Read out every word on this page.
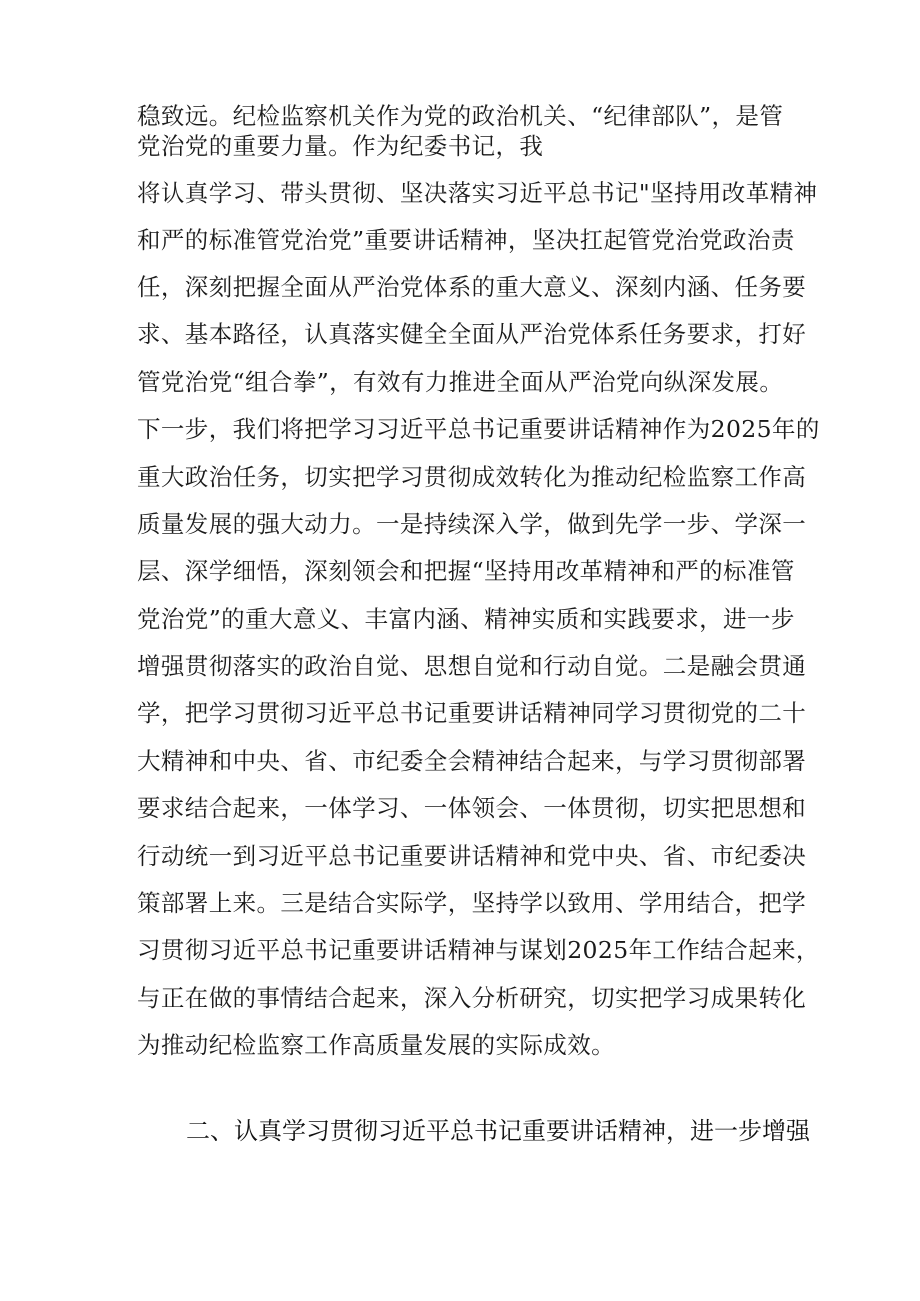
稳致远。纪检监察机关作为党的政治机关、“纪律部队”，是管
党治党的重要力量。作为纪委书记，我
将认真学习、带头贯彻、坚决落实习近平总书记"坚持用改革精神
和严的标准管党治党”重要讲话精神，坚决扛起管党治党政治责
任，深刻把握全面从严治党体系的重大意义、深刻内涵、任务要
求、基本路径，认真落实健全全面从严治党体系任务要求，打好
管党治党“组合拳”，有效有力推进全面从严治党向纵深发展。
下一步，我们将把学习习近平总书记重要讲话精神作为2025年的
重大政治任务，切实把学习贯彻成效转化为推动纪检监察工作高
质量发展的强大动力。一是持续深入学，做到先学一步、学深一
层、深学细悟，深刻领会和把握“坚持用改革精神和严的标准管
党治党”的重大意义、丰富内涵、精神实质和实践要求，进一步
增强贯彻落实的政治自觉、思想自觉和行动自觉。二是融会贯通
学，把学习贯彻习近平总书记重要讲话精神同学习贯彻党的二十
大精神和中央、省、市纪委全会精神结合起来，与学习贯彻部署
要求结合起来，一体学习、一体领会、一体贯彻，切实把思想和
行动统一到习近平总书记重要讲话精神和党中央、省、市纪委决
策部署上来。三是结合实际学，坚持学以致用、学用结合，把学
习贯彻习近平总书记重要讲话精神与谋划2025年工作结合起来，
与正在做的事情结合起来，深入分析研究，切实把学习成果转化
为推动纪检监察工作高质量发展的实际成效。
二、认真学习贯彻习近平总书记重要讲话精神，进一步增强
